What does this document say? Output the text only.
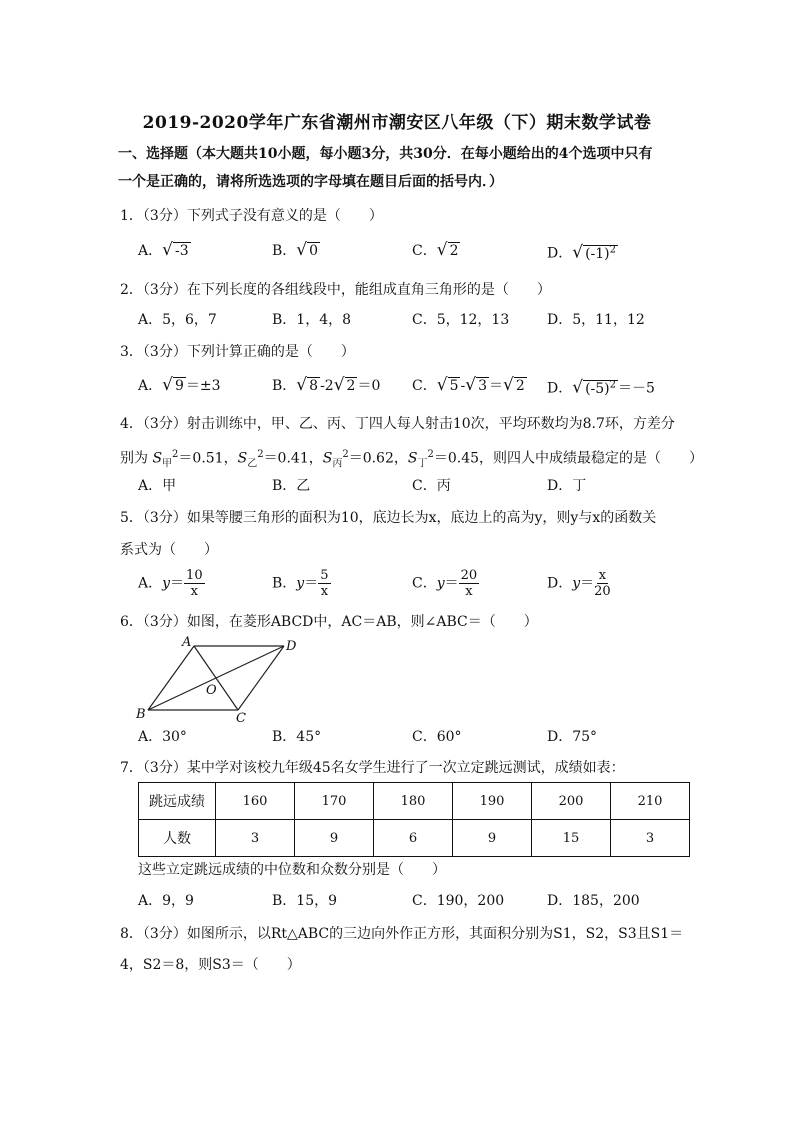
2019-2020学年广东省潮州市潮安区八年级（下）期末数学试卷
一、选择题（本大题共10小题，每小题3分，共30分．在每小题给出的4个选项中只有
一个是正确的，请将所选选项的字母填在题目后面的括号内．）
1．（3分）下列式子没有意义的是（　　）
A．√ -3	B．√ 0	C．√ 2	D．√ $(-1)^2$
2．（3分）在下列长度的各组线段中，能组成直角三角形的是（　　）
A．5，6，7	B．1，4，8	C．5，12，13	D．5，11，12
3．（3分）下列计算正确的是（　　）
A．√ 9 ＝±3	B．√ 8 -2√ 2 ＝0 C．√ 5 -√ 3 ＝√ 2 D．√ $(-5)^2 =-5$
4．（3分）射击训练中，甲、乙、丙、丁四人每人射击10次，平均环数均为8.7环，方差分
别为 $S_甲^2=0.51$，$S_乙^2=0.41$，$S_丙^2=0.62$，$S_丁^2=0.45$，则四人中成绩最稳定的是（　　）
A．甲	B．乙	C．丙	D．丁
5．（3分）如果等腰三角形的面积为10，底边长为x，底边上的高为y，则y与x的函数关
系式为（　　）
A．$y= \frac{10}{x}$	B．$y= \frac{5}{x}$	C．$y= \frac{20}{x}$	D．$y= \frac{x}{20}$
6．（3分）如图，在菱形ABCD中，AC＝AB，则∠ABC＝（　　）
A	D
B	C
O
A．30°	B．45°	C．60°	D．75°
7．（3分）某中学对该校九年级45名女学生进行了一次立定跳远测试，成绩如表：
跳远成绩	160	170	180	190	200	210
人数	3	9	6	9	15	3
这些立定跳远成绩的中位数和众数分别是（　　）
A．9，9	B．15，9	C．190，200	D．185，200
8．（3分）如图所示，以Rt△ABC的三边向外作正方形，其面积分别为S1，S2，S3且S1＝
4，S2＝8，则S3＝（　　）
